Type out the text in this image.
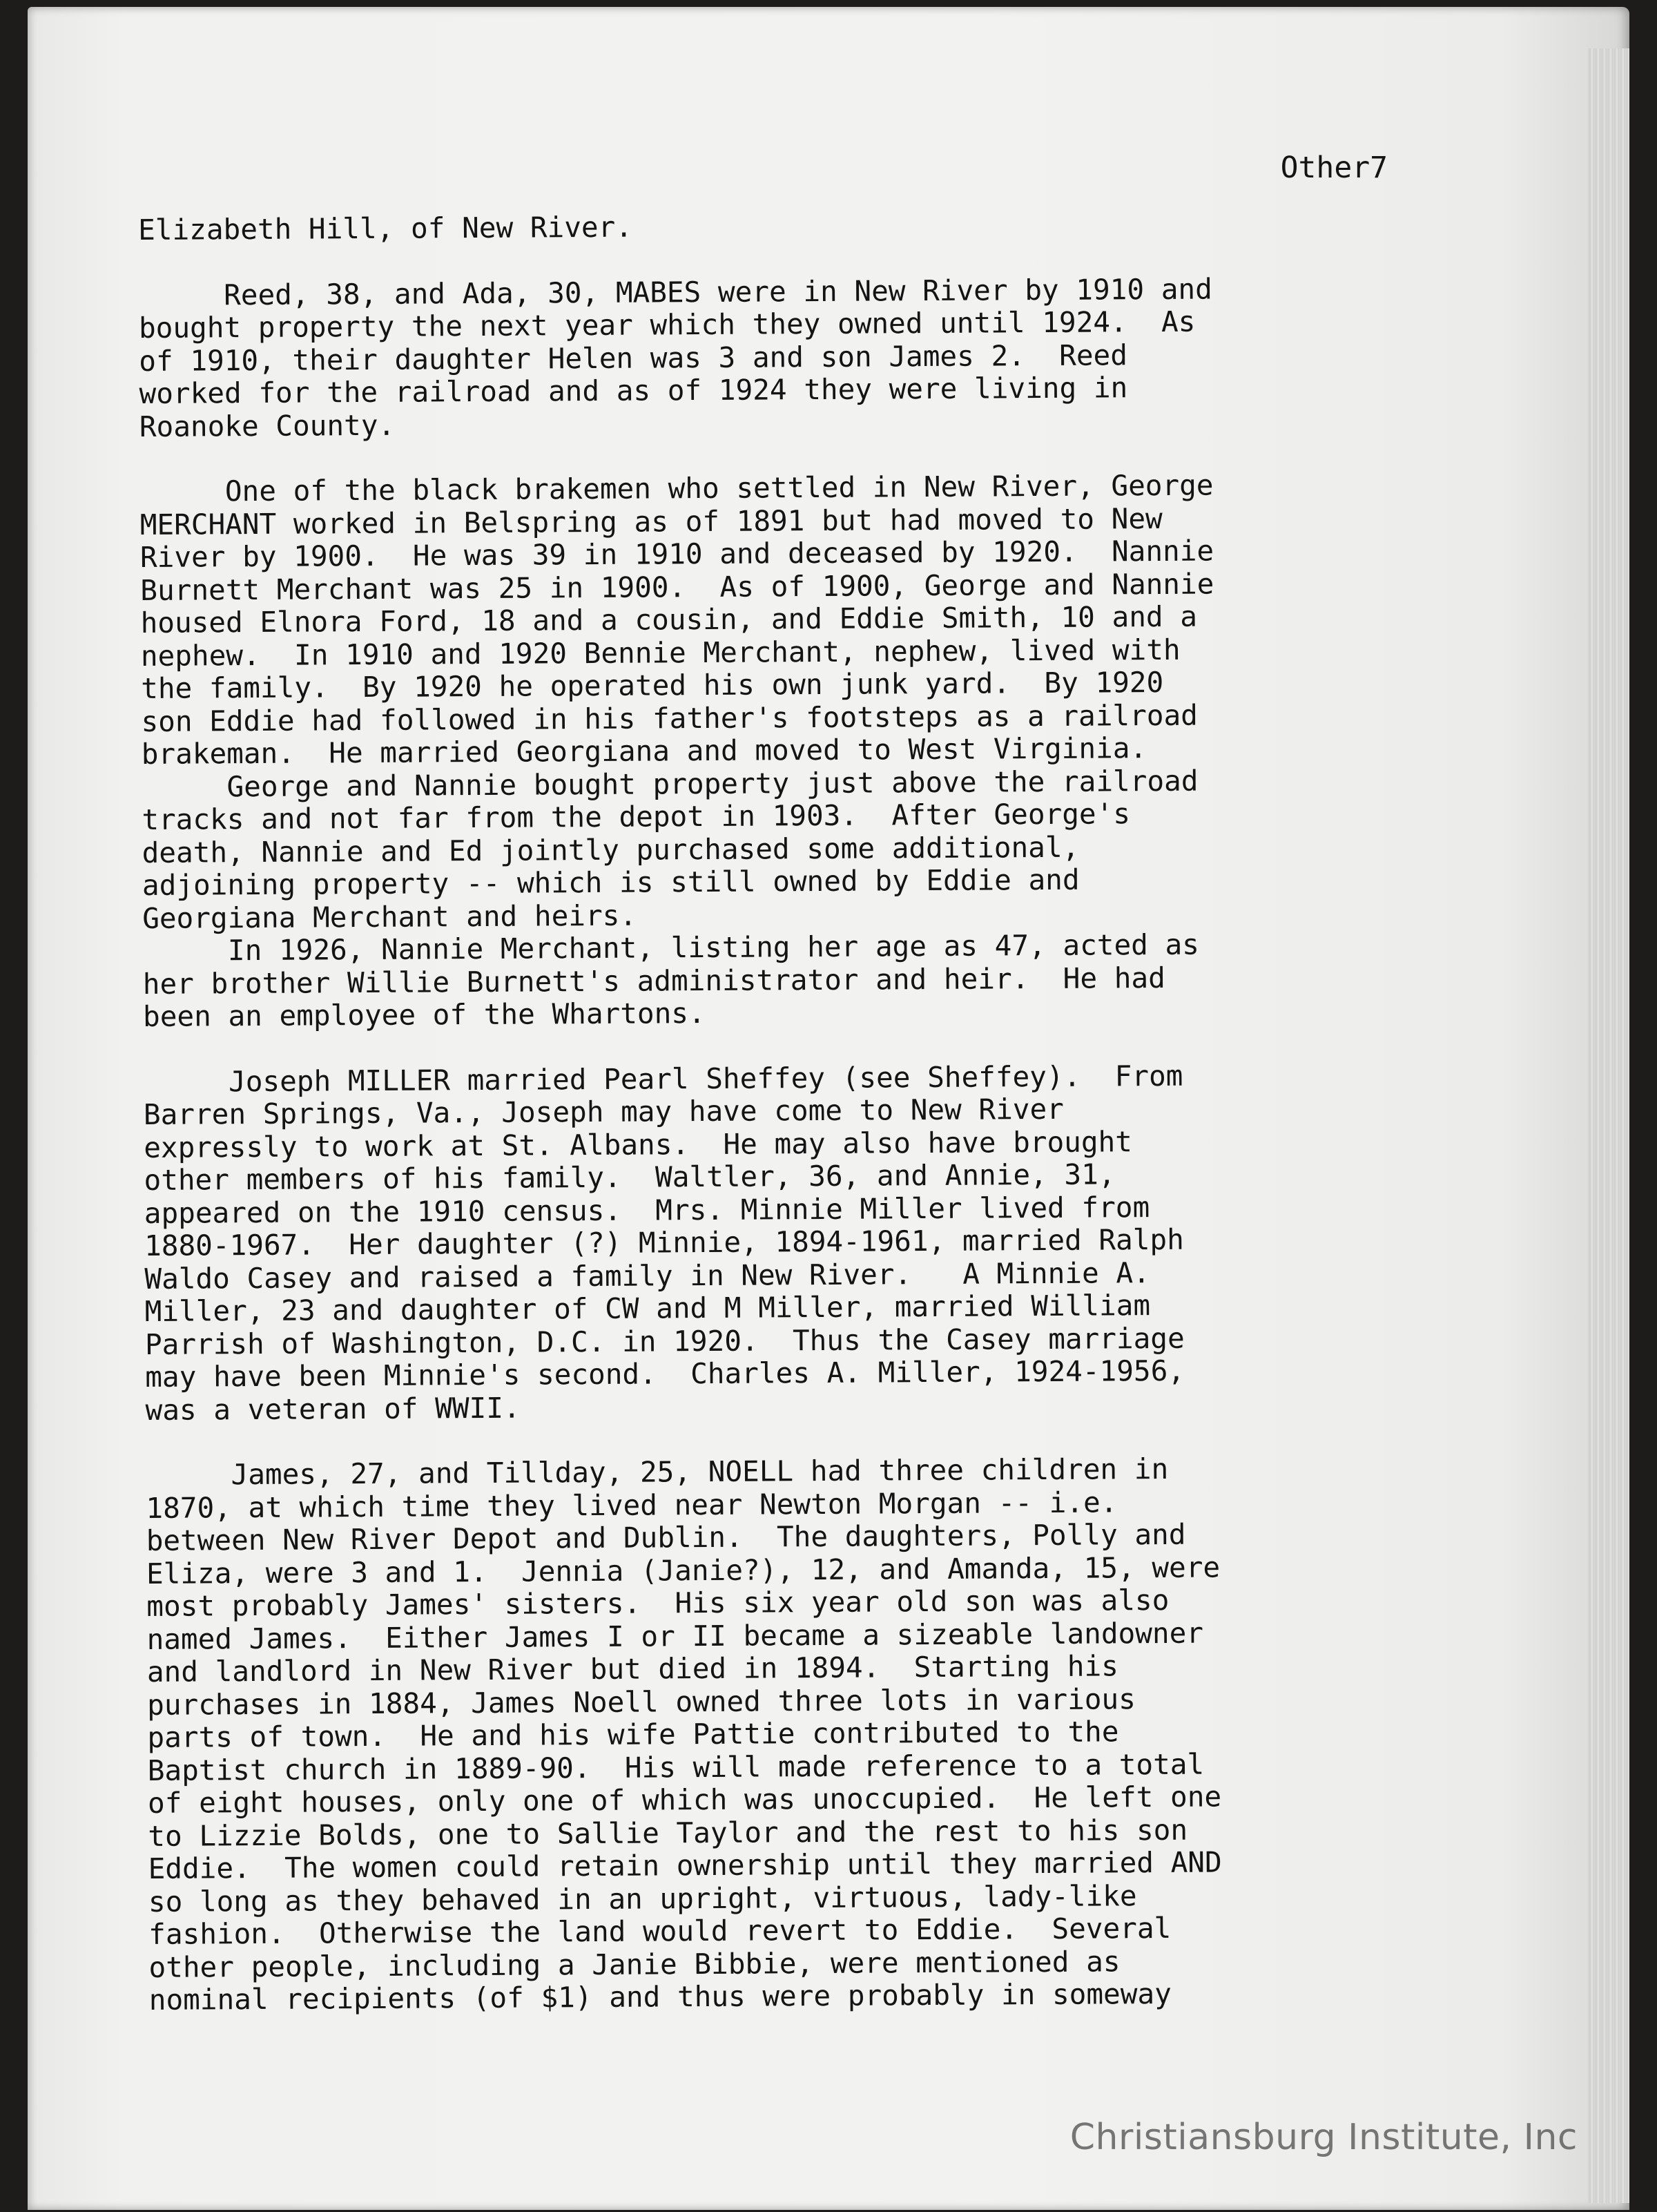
Other7

Elizabeth Hill, of New River.

Reed, 38, and Ada, 30, MABES were in New River by 1910 and
bought property the next year which they owned until 1924.  As
of 1910, their daughter Helen was 3 and son James 2.  Reed
worked for the railroad and as of 1924 they were living in
Roanoke County.

One of the black brakemen who settled in New River, George
MERCHANT worked in Belspring as of 1891 but had moved to New
River by 1900.  He was 39 in 1910 and deceased by 1920.  Nannie
Burnett Merchant was 25 in 1900.  As of 1900, George and Nannie
housed Elnora Ford, 18 and a cousin, and Eddie Smith, 10 and a
nephew.  In 1910 and 1920 Bennie Merchant, nephew, lived with
the family.  By 1920 he operated his own junk yard.  By 1920
son Eddie had followed in his father's footsteps as a railroad
brakeman.  He married Georgiana and moved to West Virginia.

George and Nannie bought property just above the railroad
tracks and not far from the depot in 1903.  After George's
death, Nannie and Ed jointly purchased some additional,
adjoining property -- which is still owned by Eddie and
Georgiana Merchant and heirs.

In 1926, Nannie Merchant, listing her age as 47, acted as
her brother Willie Burnett's administrator and heir.  He had
been an employee of the Whartons.

Joseph MILLER married Pearl Sheffey (see Sheffey).  From
Barren Springs, Va., Joseph may have come to New River
expressly to work at St. Albans.  He may also have brought
other members of his family.  Waltler, 36, and Annie, 31,
appeared on the 1910 census.  Mrs. Minnie Miller lived from
1880-1967.  Her daughter (?) Minnie, 1894-1961, married Ralph
Waldo Casey and raised a family in New River.   A Minnie A.
Miller, 23 and daughter of CW and M Miller, married William
Parrish of Washington, D.C. in 1920.  Thus the Casey marriage
may have been Minnie's second.  Charles A. Miller, 1924-1956,
was a veteran of WWII.

James, 27, and Tillday, 25, NOELL had three children in
1870, at which time they lived near Newton Morgan -- i.e.
between New River Depot and Dublin.  The daughters, Polly and
Eliza, were 3 and 1.  Jennia (Janie?), 12, and Amanda, 15, were
most probably James' sisters.  His six year old son was also
named James.  Either James I or II became a sizeable landowner
and landlord in New River but died in 1894.  Starting his
purchases in 1884, James Noell owned three lots in various
parts of town.  He and his wife Pattie contributed to the
Baptist church in 1889-90.  His will made reference to a total
of eight houses, only one of which was unoccupied.  He left one
to Lizzie Bolds, one to Sallie Taylor and the rest to his son
Eddie.  The women could retain ownership until they married AND
so long as they behaved in an upright, virtuous, lady-like
fashion.  Otherwise the land would revert to Eddie.  Several
other people, including a Janie Bibbie, were mentioned as
nominal recipients (of $1) and thus were probably in someway

Christiansburg Institute, Inc
